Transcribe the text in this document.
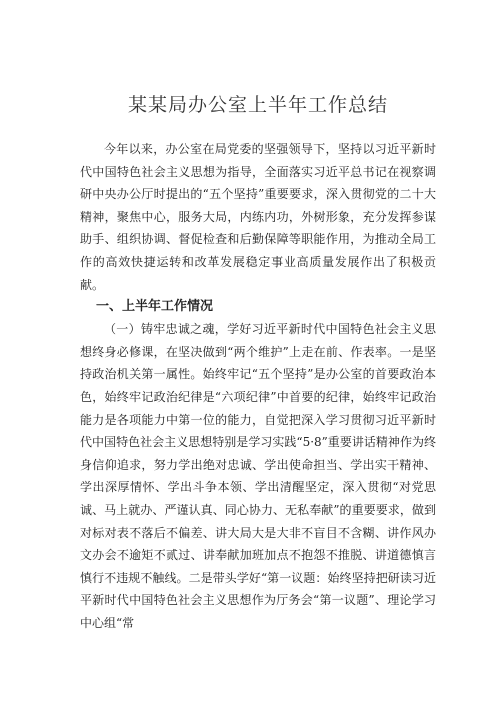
某某局办公室上半年工作总结

今年以来，办公室在局党委的坚强领导下，坚持以习近平新时代中国特色社会主义思想为指导，全面落实习近平总书记在视察调研中央办公厅时提出的“五个坚持”重要要求，深入贯彻党的二十大精神，聚焦中心，服务大局，内练内功，外树形象，充分发挥参谋助手、组织协调、督促检查和后勤保障等职能作用，为推动全局工作的高效快捷运转和改革发展稳定事业高质量发展作出了积极贡献。

一、上半年工作情况

（一）铸牢忠诚之魂，学好习近平新时代中国特色社会主义思想终身必修课，在坚决做到“两个维护”上走在前、作表率。一是坚持政治机关第一属性。始终牢记“五个坚持”是办公室的首要政治本色，始终牢记政治纪律是“六项纪律”中首要的纪律，始终牢记政治能力是各项能力中第一位的能力，自觉把深入学习贯彻习近平新时代中国特色社会主义思想特别是学习实践“5·8”重要讲话精神作为终身信仰追求，努力学出绝对忠诚、学出使命担当、学出实干精神、学出深厚情怀、学出斗争本领、学出清醒坚定，深入贯彻“对党思诚、马上就办、严谨认真、同心协力、无私奉献”的重要要求，做到对标对表不落后不偏差、讲大局大是大非不盲目不含糊、讲作风办文办会不逾矩不贰过、讲奉献加班加点不抱怨不推脱、讲道德慎言慎行不违规不触线。二是带头学好“第一议题：始终坚持把研读习近平新时代中国特色社会主义思想作为厅务会“第一议题”、理论学习中心组“常
